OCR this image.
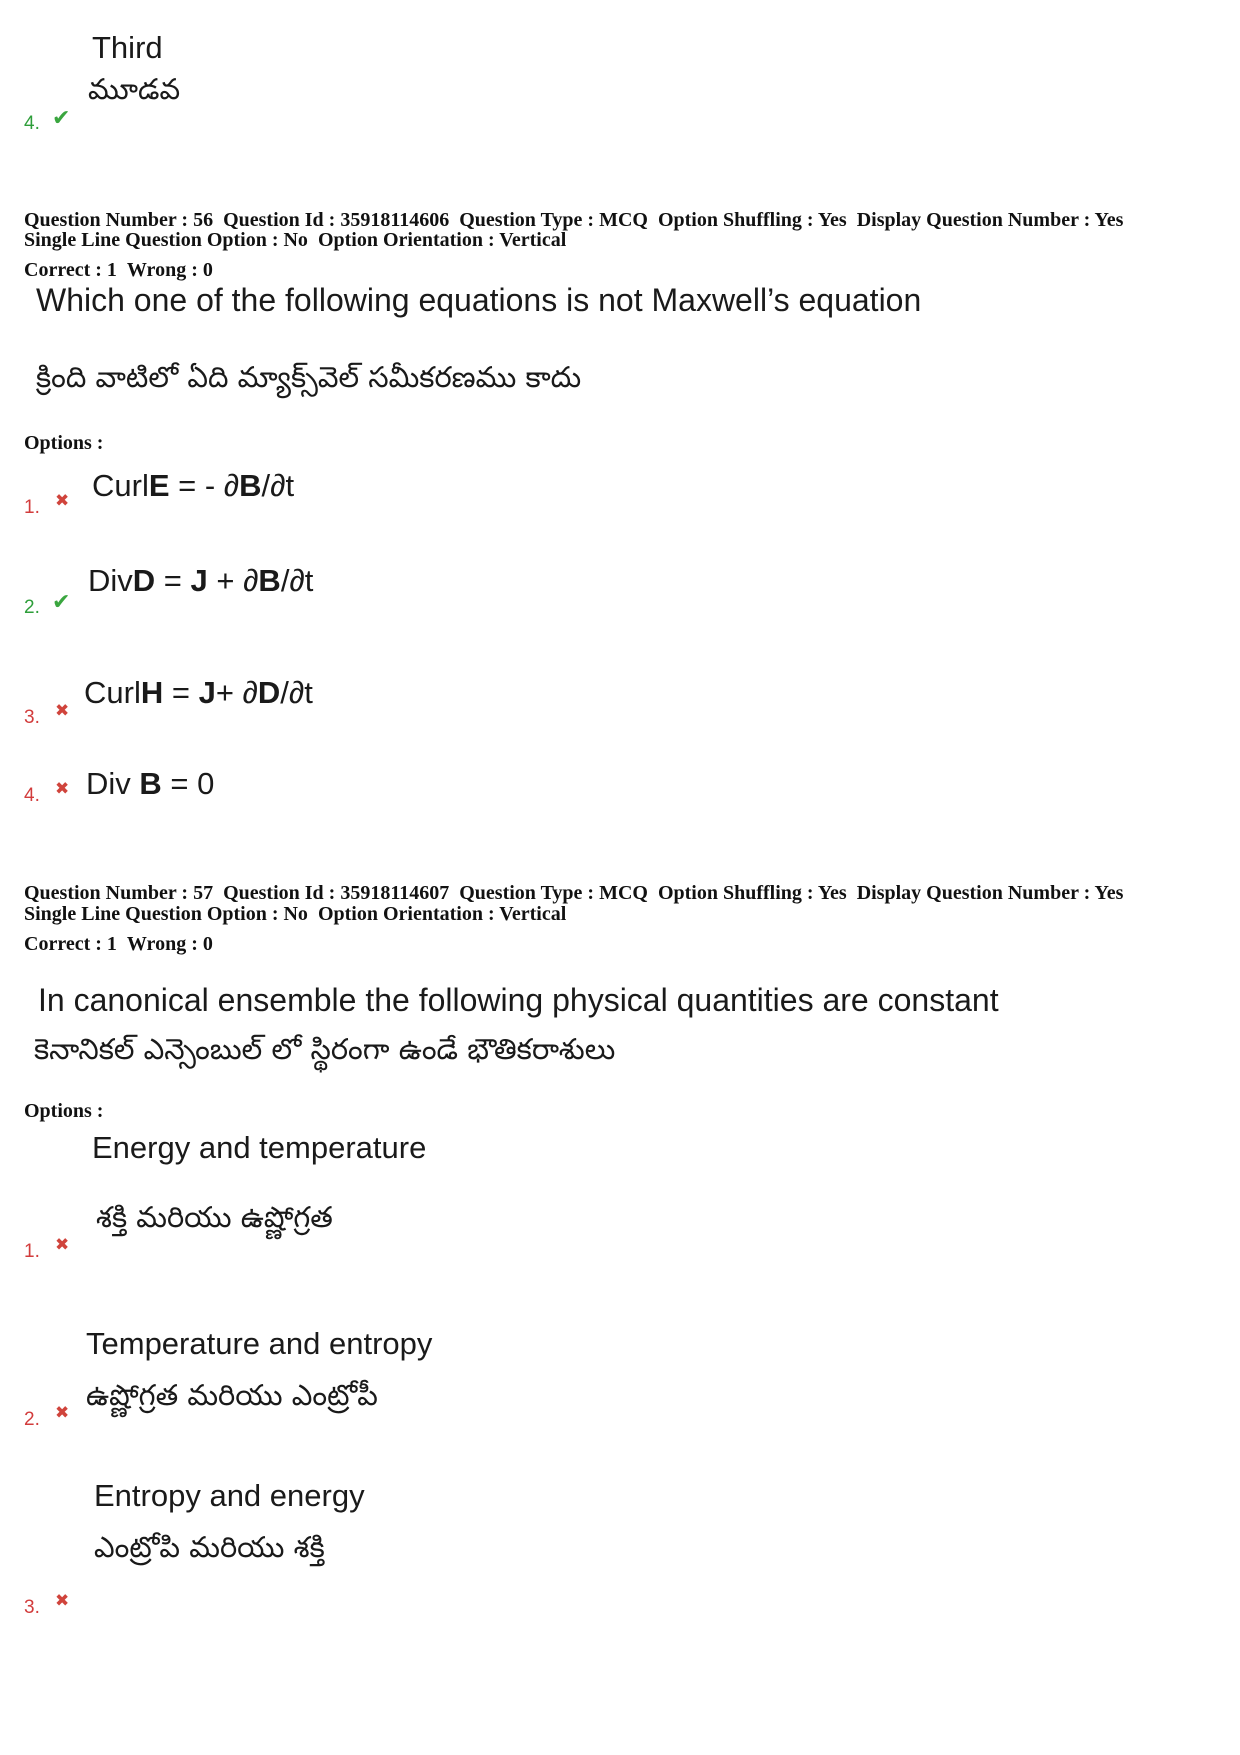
Third
మూడవ
4. ✔
Question Number : 56 Question Id : 35918114606 Question Type : MCQ Option Shuffling : Yes Display Question Number : Yes
Single Line Question Option : No Option Orientation : Vertical
Correct : 1 Wrong : 0
Which one of the following equations is not Maxwell’s equation
క్రింది వాటిలో ఏది మ్యాక్స్‌వెల్ సమీకరణము కాదు
Options :
CurlE = - ∂B/∂t
1. ✖
DivD = J + ∂B/∂t
2. ✔
CurlH = J+ ∂D/∂t
3. ✖
Div B = 0
4. ✖
Question Number : 57 Question Id : 35918114607 Question Type : MCQ Option Shuffling : Yes Display Question Number : Yes
Single Line Question Option : No Option Orientation : Vertical
Correct : 1 Wrong : 0
In canonical ensemble the following physical quantities are constant
కెనానికల్ ఎన్సెంబుల్ లో స్థిరంగా ఉండే భౌతికరాశులు
Options :
Energy and temperature
శక్తి మరియు ఉష్ణోగ్రత
1. ✖
Temperature and entropy
ఉష్ణోగ్రత మరియు ఎంట్రోపీ
2. ✖
Entropy and energy
ఎంట్రోపి మరియు శక్తి
3. ✖
